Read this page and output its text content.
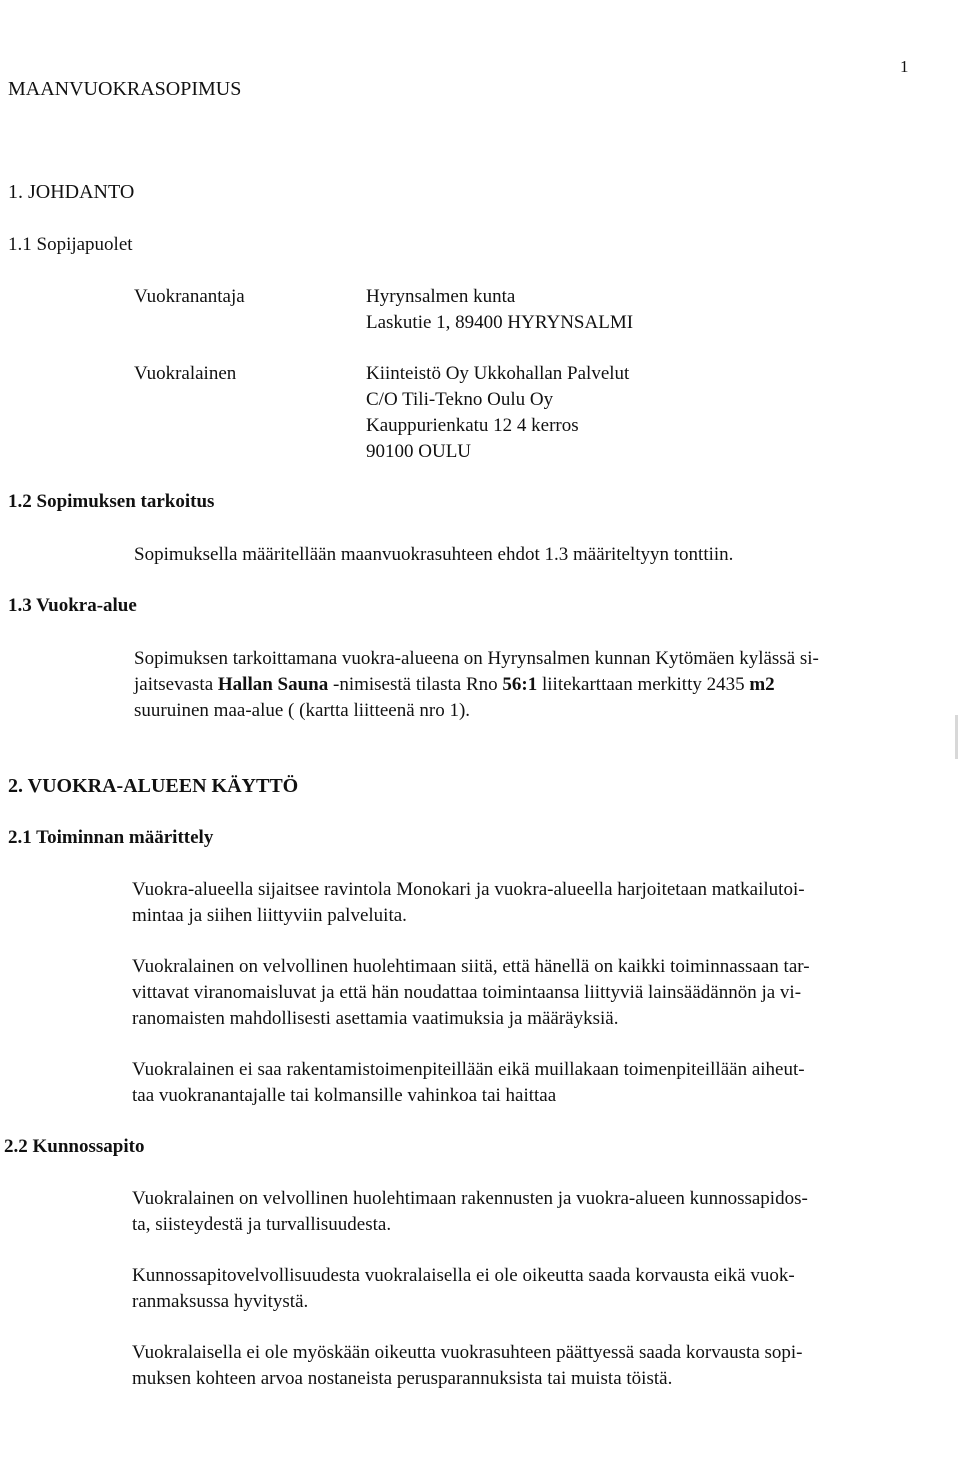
1
MAANVUOKRASOPIMUS
1. JOHDANTO
1.1 Sopijapuolet
Vuokranantaja	Hyrynsalmen kunta
Laskutie 1, 89400 HYRYNSALMI
Vuokralainen	Kiinteistö Oy Ukkohallan Palvelut
C/O Tili-Tekno Oulu Oy
Kauppurienkatu 12 4 kerros
90100 OULU
1.2 Sopimuksen tarkoitus
Sopimuksella määritellään maanvuokrasuhteen ehdot 1.3 määriteltyyn tonttiin.
1.3 Vuokra-alue
Sopimuksen tarkoittamana vuokra-alueena on Hyrynsalmen kunnan Kytömäen kylässä si-
jaitsevasta Hallan Sauna -nimisestä tilasta Rno 56:1 liitekarttaan merkitty 2435 m2
suuruinen maa-alue ( (kartta liitteenä nro 1).
2. VUOKRA-ALUEEN KÄYTTÖ
2.1 Toiminnan määrittely
Vuokra-alueella sijaitsee ravintola Monokari ja vuokra-alueella harjoitetaan matkailutoi-
mintaa ja siihen liittyviin palveluita.
Vuokralainen on velvollinen huolehtimaan siitä, että hänellä on kaikki toiminnassaan tar-
vittavat viranomaisluvat ja että hän noudattaa toimintaansa liittyviä lainsäädännön ja vi-
ranomaisten mahdollisesti asettamia vaatimuksia ja määräyksiä.
Vuokralainen ei saa rakentamistoimenpiteillään eikä muillakaan toimenpiteillään aiheut-
taa vuokranantajalle tai kolmansille vahinkoa tai haittaa
2.2 Kunnossapito
Vuokralainen on velvollinen huolehtimaan rakennusten ja vuokra-alueen kunnossapidos-
ta, siisteydestä ja turvallisuudesta.
Kunnossapitovelvollisuudesta vuokralaisella ei ole oikeutta saada korvausta eikä vuok-
ranmaksussa hyvitystä.
Vuokralaisella ei ole myöskään oikeutta vuokrasuhteen päättyessä saada korvausta sopi-
muksen kohteen arvoa nostaneista perusparannuksista tai muista töistä.
